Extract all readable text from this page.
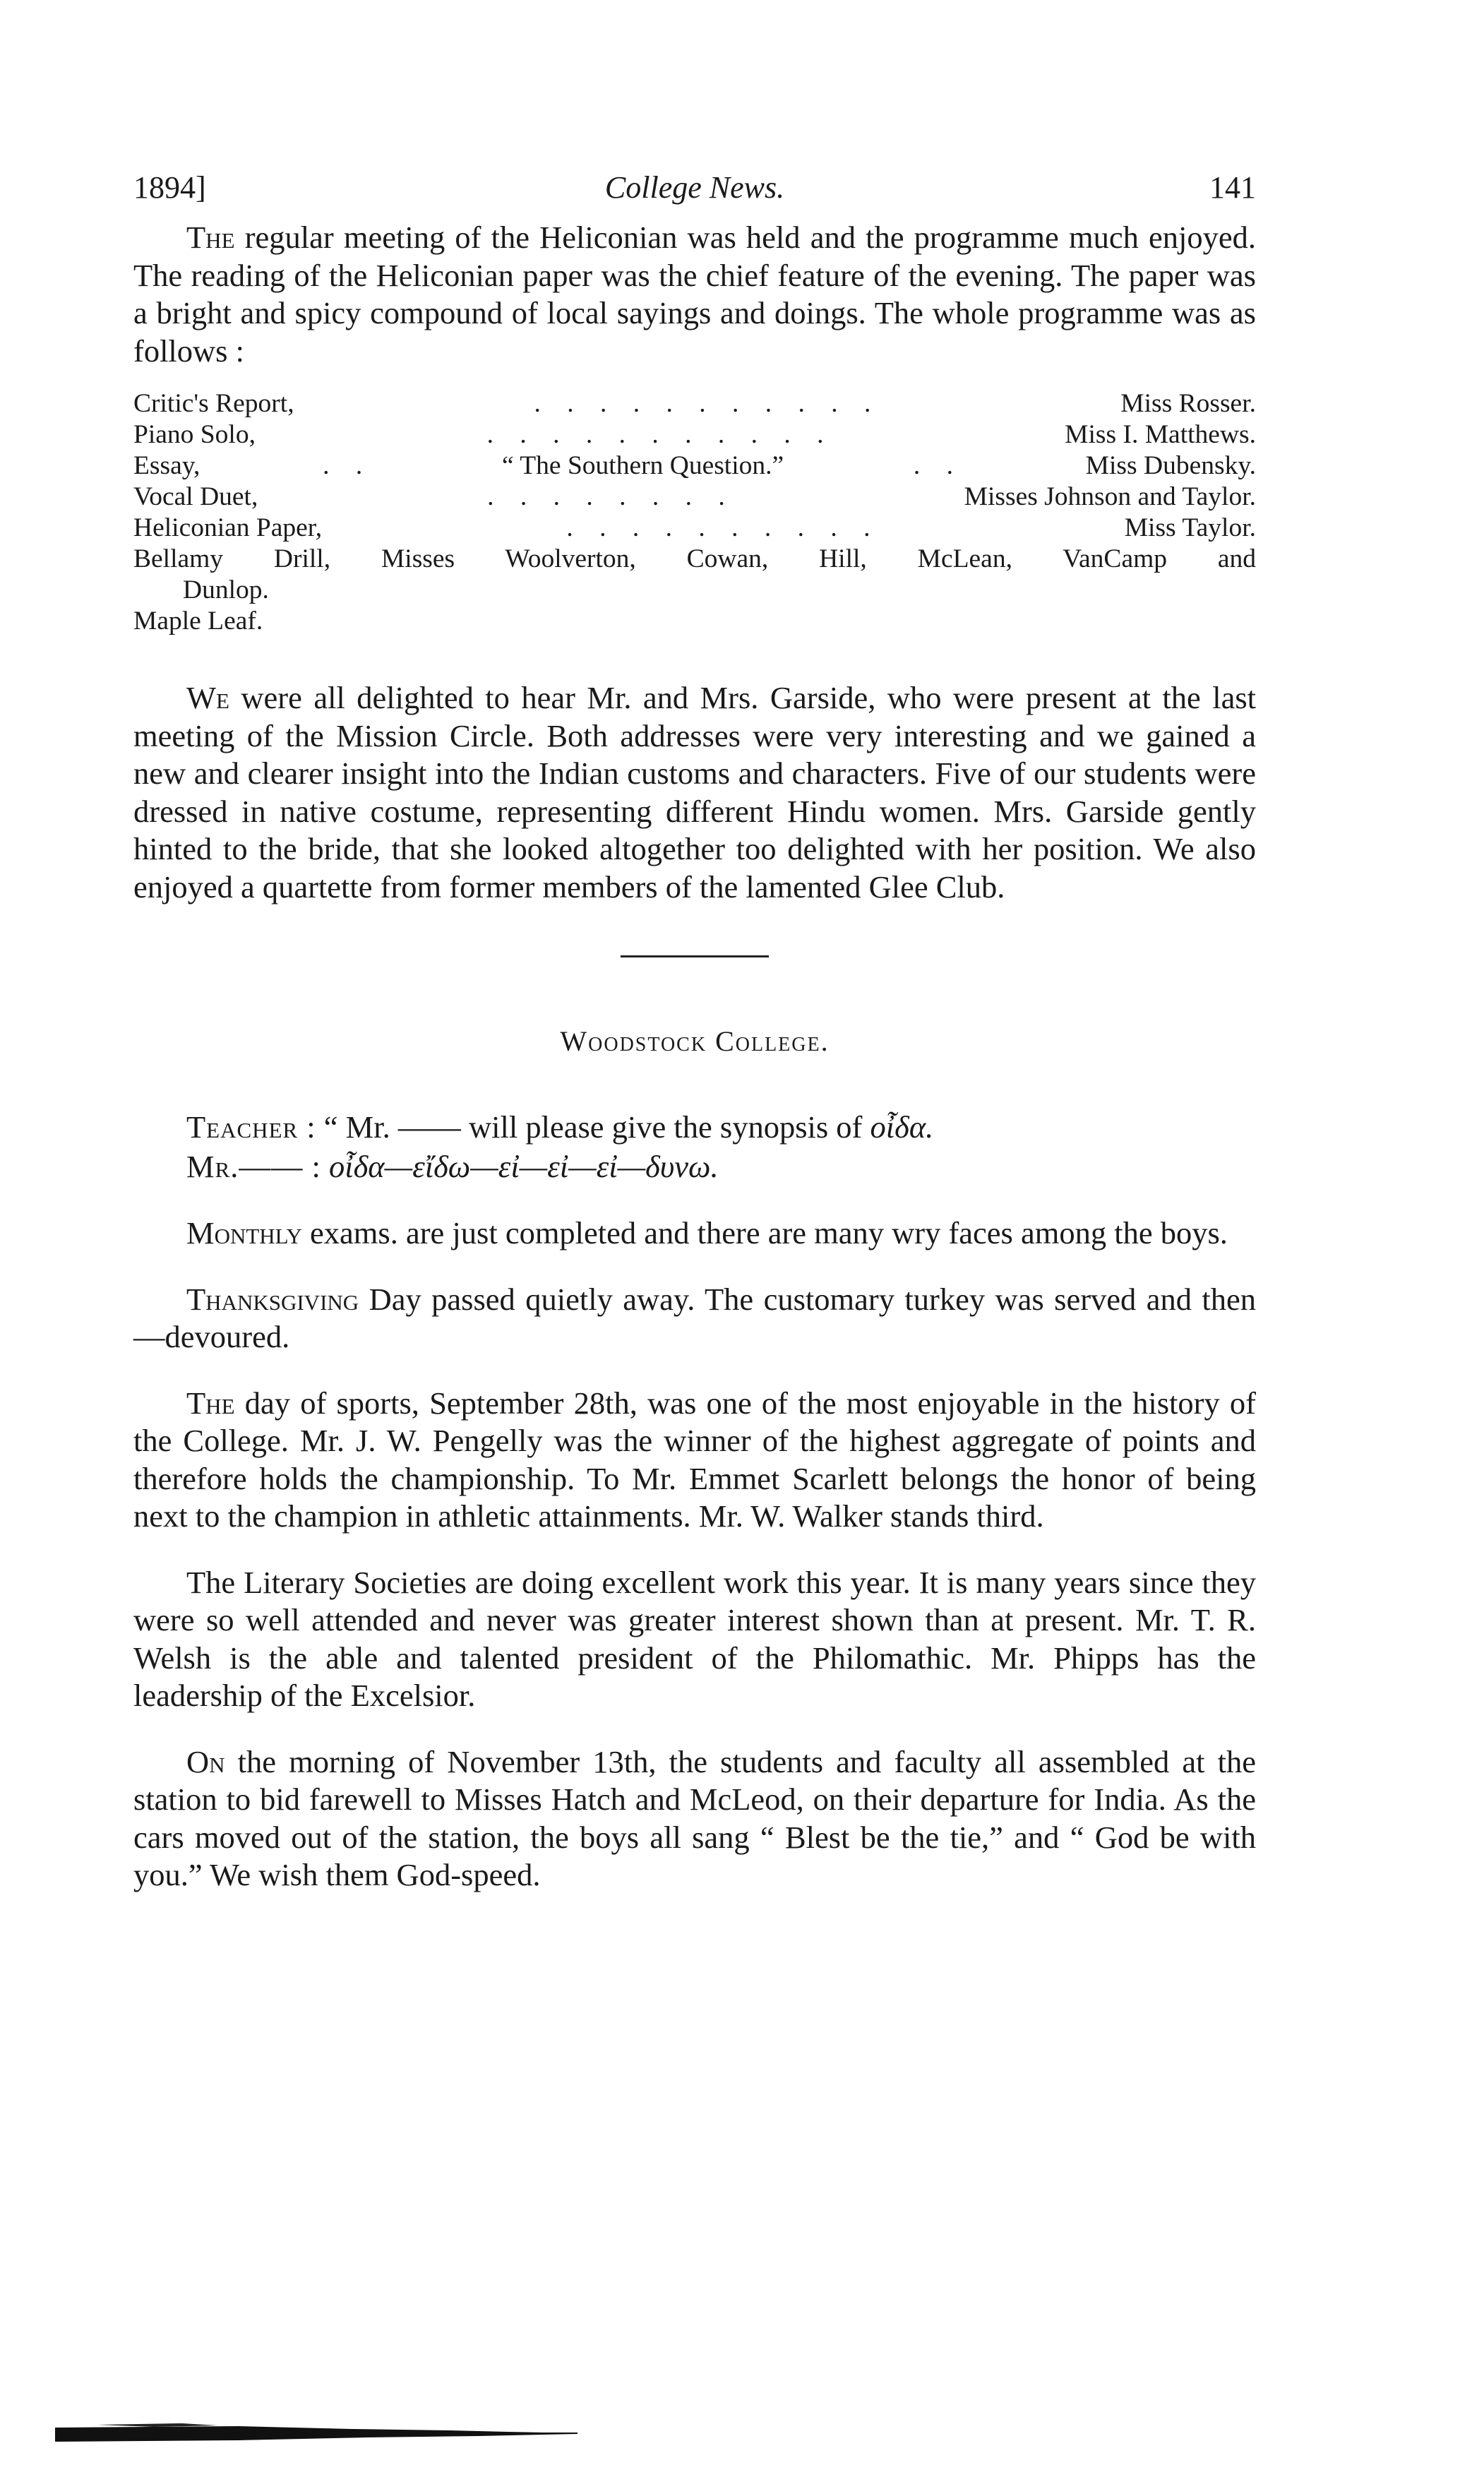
1894]	College News.	141

The regular meeting of the Heliconian was held and the programme much enjoyed. The reading of the Heliconian paper was the chief feature of the evening. The paper was a bright and spicy compound of local sayings and doings. The whole programme was as follows :

Critic's Report,	. . . . . . . . . . .	Miss Rosser.
Piano Solo,	. . . . . . . . . . .	Miss I. Matthews.
Essay,	. .	“ The Southern Question.”	. .	Miss Dubensky.
Vocal Duet,	. . . . . . . .	Misses Johnson and Taylor.
Heliconian Paper,	. . . . . . . . . .	Miss Taylor.
Bellamy Drill, Misses Woolverton, Cowan, Hill, McLean, VanCamp and
Dunlop.
Maple Leaf.

We were all delighted to hear Mr. and Mrs. Garside, who were present at the last meeting of the Mission Circle. Both addresses were very interesting and we gained a new and clearer insight into the Indian customs and characters. Five of our students were dressed in native costume, representing different Hindu women. Mrs. Garside gently hinted to the bride, that she looked altogether too delighted with her position. We also enjoyed a quartette from former members of the lamented Glee Club.

Woodstock College.
Teacher : “ Mr. —— will please give the synopsis of οἶδα.
Mr.—— : οἶδα—εἴδω—εἰ—εἰ—εἰ—δυνω.

Monthly exams. are just completed and there are many wry faces among the boys.

Thanksgiving Day passed quietly away. The customary turkey was served and then—devoured.

The day of sports, September 28th, was one of the most enjoyable in the history of the College. Mr. J. W. Pengelly was the winner of the highest aggregate of points and therefore holds the championship. To Mr. Emmet Scarlett belongs the honor of being next to the champion in athletic attainments. Mr. W. Walker stands third.

The Literary Societies are doing excellent work this year. It is many years since they were so well attended and never was greater interest shown than at present. Mr. T. R. Welsh is the able and talented president of the Philomathic. Mr. Phipps has the leadership of the Excelsior.

On the morning of November 13th, the students and faculty all assembled at the station to bid farewell to Misses Hatch and McLeod, on their departure for India. As the cars moved out of the station, the boys all sang “ Blest be the tie,” and “ God be with you.” We wish them God-speed.
